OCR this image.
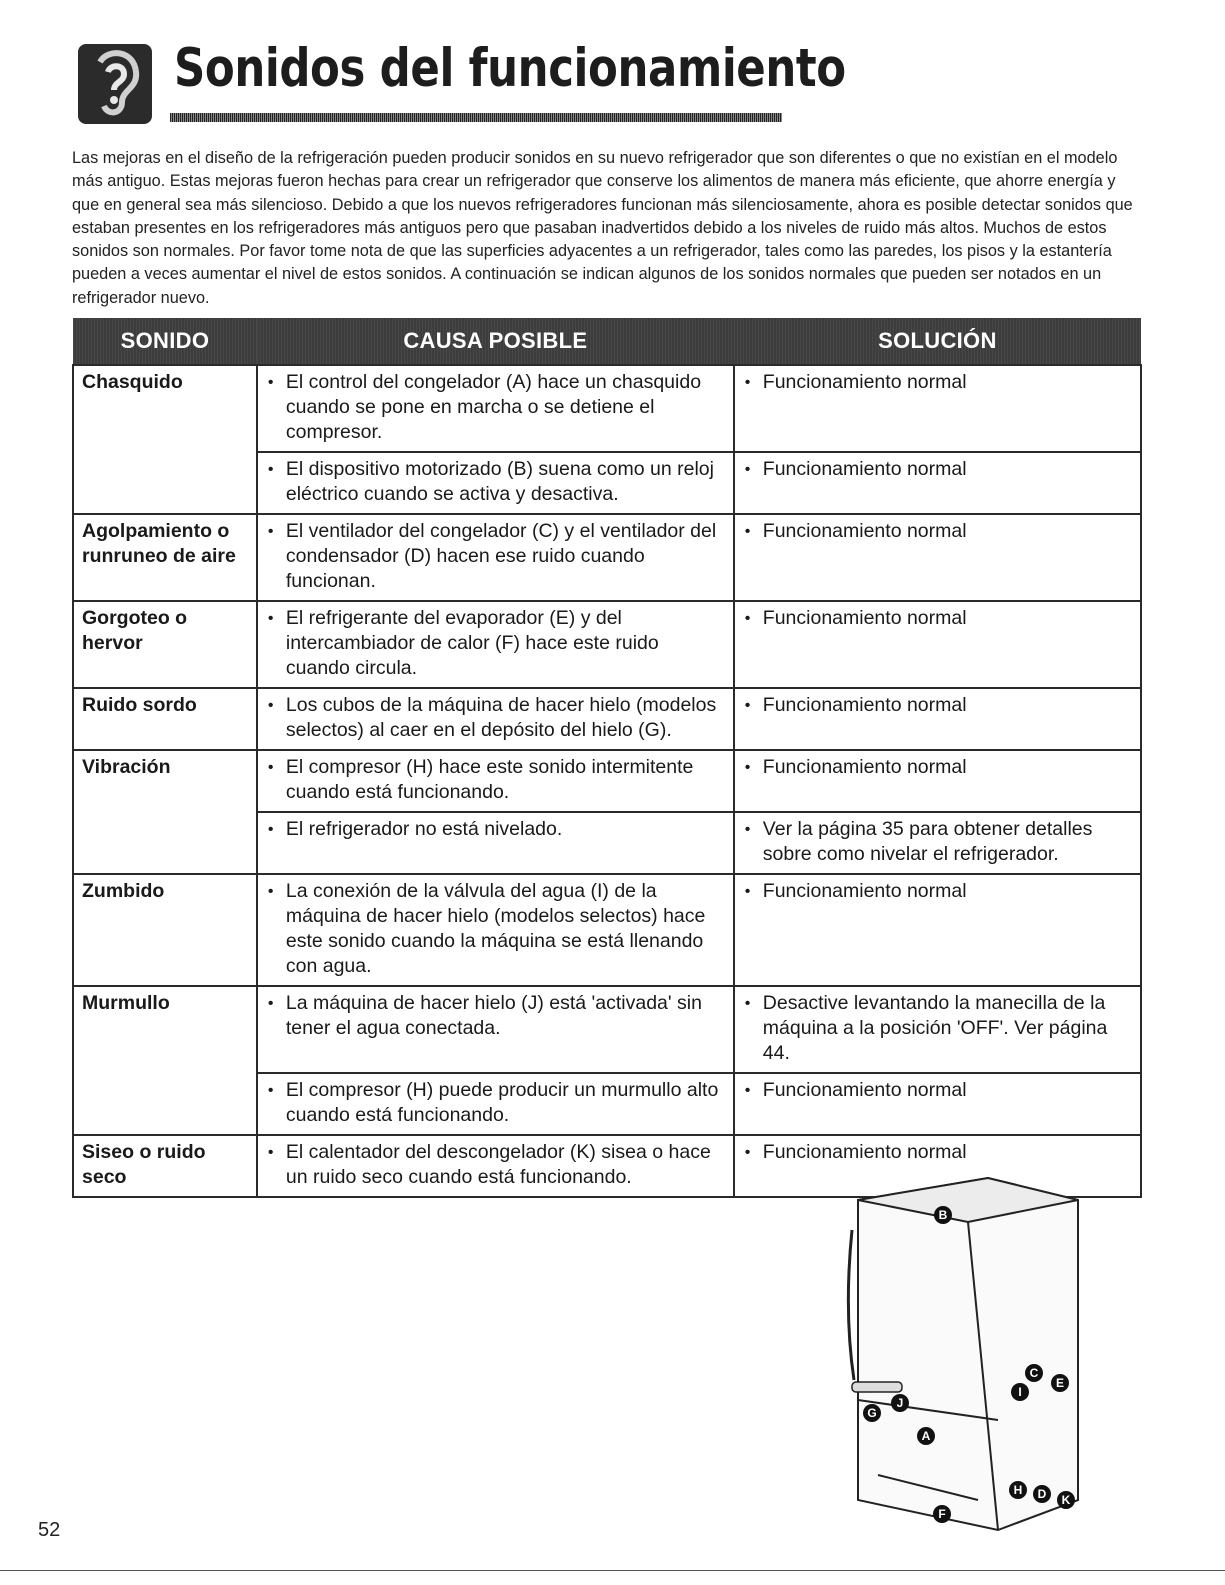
Sonidos del funcionamiento
Las mejoras en el diseño de la refrigeración pueden producir sonidos en su nuevo refrigerador que son diferentes o que no existían en el modelo más antiguo. Estas mejoras fueron hechas para crear un refrigerador que conserve los alimentos de manera más eficiente, que ahorre energía y que en general sea más silencioso. Debido a que los nuevos refrigeradores funcionan más silenciosamente, ahora es posible detectar sonidos que estaban presentes en los refrigeradores más antiguos pero que pasaban inadvertidos debido a los niveles de ruido más altos. Muchos de estos sonidos son normales. Por favor tome nota de que las superficies adyacentes a un refrigerador, tales como las paredes, los pisos y la estantería pueden a veces aumentar el nivel de estos sonidos. A continuación se indican algunos de los sonidos normales que pueden ser notados en un refrigerador nuevo.
SONIDO	CAUSA POSIBLE	SOLUCIÓN
Chasquido	• El control del congelador (A) hace un chasquido cuando se pone en marcha o se detiene el compresor.	• Funcionamiento normal

	• El dispositivo motorizado (B) suena como un reloj eléctrico cuando se activa y desactiva.	• Funcionamiento normal

Agolpamiento o runruneo de aire	• El ventilador del congelador (C) y el ventilador del condensador (D) hacen ese ruido cuando funcionan.	• Funcionamiento normal

Gorgoteo o hervor	• El refrigerante del evaporador (E) y del intercambiador de calor (F) hace este ruido cuando circula.	• Funcionamiento normal

Ruido sordo	• Los cubos de la máquina de hacer hielo (modelos selectos) al caer en el depósito del hielo (G).	• Funcionamiento normal

Vibración	• El compresor (H) hace este sonido intermitente cuando está funcionando.	• Funcionamiento normal

	• El refrigerador no está nivelado.	• Ver la página 35 para obtener detalles sobre como nivelar el refrigerador.

Zumbido	• La conexión de la válvula del agua (I) de la máquina de hacer hielo (modelos selectos) hace este sonido cuando la máquina se está llenando con agua.	• Funcionamiento normal

Murmullo	• La máquina de hacer hielo (J) está 'activada' sin tener el agua conectada.	• Desactive levantando la manecilla de la máquina a la posición 'OFF'. Ver página 44.

	• El compresor (H) puede producir un murmullo alto cuando está funcionando.	• Funcionamiento normal

Siseo o ruido seco	• El calentador del descongelador (K) sisea o hace un ruido seco cuando está funcionando.	• Funcionamiento normal
B
C
E
I
J
G
A
H D K
F
52
